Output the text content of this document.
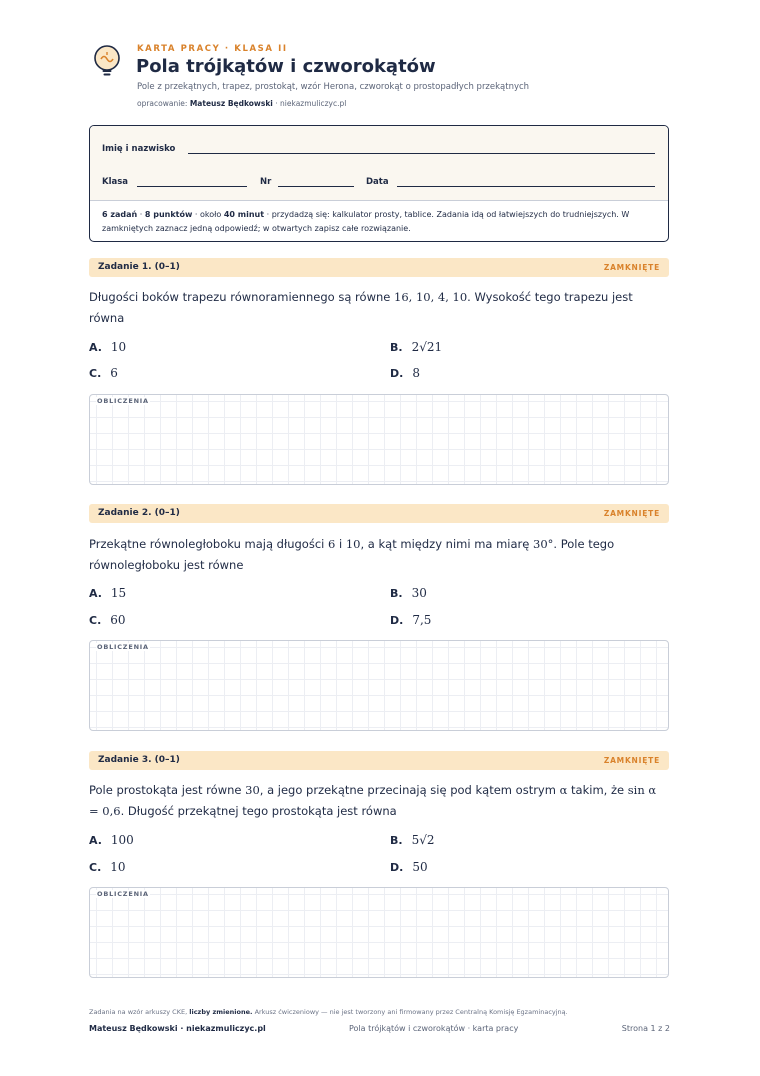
KARTA PRACY · KLASA II
Pola trójkątów i czworokątów
Pole z przekątnych, trapez, prostokąt, wzór Herona, czworokąt o prostopadłych przekątnych
opracowanie: Mateusz Będkowski · niekazmuliczyc.pl
Imię i nazwisko
Klasa	Nr	Data
6 zadań · 8 punktów · około 40 minut · przydadzą się: kalkulator prosty, tablice. Zadania idą od łatwiejszych do trudniejszych. W zamkniętych zaznacz jedną odpowiedź; w otwartych zapisz całe rozwiązanie.
Zadanie 1. (0–1)	ZAMKNIĘTE
Długości boków trapezu równoramiennego są równe 16, 10, 4, 10. Wysokość tego trapezu jest równa
A. 10	B. 2√21
C. 6	D. 8
OBLICZENIA
Zadanie 2. (0–1)	ZAMKNIĘTE
Przekątne równoległoboku mają długości 6 i 10, a kąt między nimi ma miarę 30°. Pole tego równoległoboku jest równe
A. 15	B. 30
C. 60	D. 7,5
OBLICZENIA
Zadanie 3. (0–1)	ZAMKNIĘTE
Pole prostokąta jest równe 30, a jego przekątne przecinają się pod kątem ostrym α takim, że sin α = 0,6. Długość przekątnej tego prostokąta jest równa
A. 100	B. 5√2
C. 10	D. 50
OBLICZENIA
Zadania na wzór arkuszy CKE, liczby zmienione. Arkusz ćwiczeniowy — nie jest tworzony ani firmowany przez Centralną Komisję Egzaminacyjną.
Mateusz Będkowski · niekazmuliczyc.pl	Pola trójkątów i czworokątów · karta pracy	Strona 1 z 2
